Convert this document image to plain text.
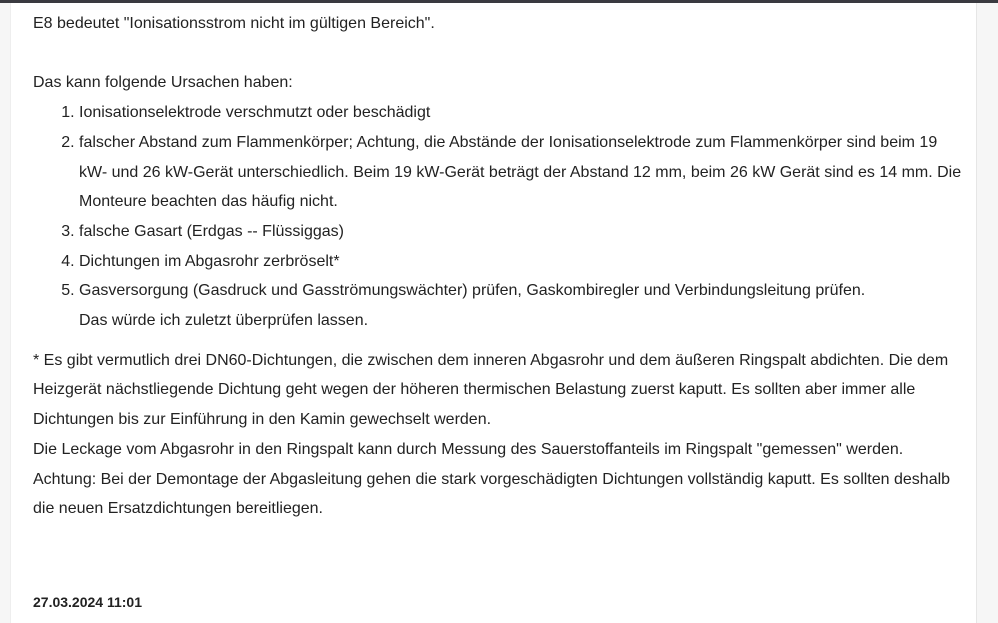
E8 bedeutet "Ionisationsstrom nicht im gültigen Bereich".

Das kann folgende Ursachen haben:

1. Ionisationselektrode verschmutzt oder beschädigt
2. falscher Abstand zum Flammenkörper; Achtung, die Abstände der Ionisationselektrode zum Flammenkörper sind beim 19 kW- und 26 kW-Gerät unterschiedlich. Beim 19 kW-Gerät beträgt der Abstand 12 mm, beim 26 kW Gerät sind es 14 mm. Die Monteure beachten das häufig nicht.
3. falsche Gasart (Erdgas -- Flüssiggas)
4. Dichtungen im Abgasrohr zerbröselt*
5. Gasversorgung (Gasdruck und Gasströmungswächter) prüfen, Gaskombiregler und Verbindungsleitung prüfen. Das würde ich zuletzt überprüfen lassen.

* Es gibt vermutlich drei DN60-Dichtungen, die zwischen dem inneren Abgasrohr und dem äußeren Ringspalt abdichten. Die dem Heizgerät nächstliegende Dichtung geht wegen der höheren thermischen Belastung zuerst kaputt. Es sollten aber immer alle Dichtungen bis zur Einführung in den Kamin gewechselt werden.

Die Leckage vom Abgasrohr in den Ringspalt kann durch Messung des Sauerstoffanteils im Ringspalt "gemessen" werden.

Achtung: Bei der Demontage der Abgasleitung gehen die stark vorgeschädigten Dichtungen vollständig kaputt. Es sollten deshalb die neuen Ersatzdichtungen bereitliegen.

27.03.2024 11:01
